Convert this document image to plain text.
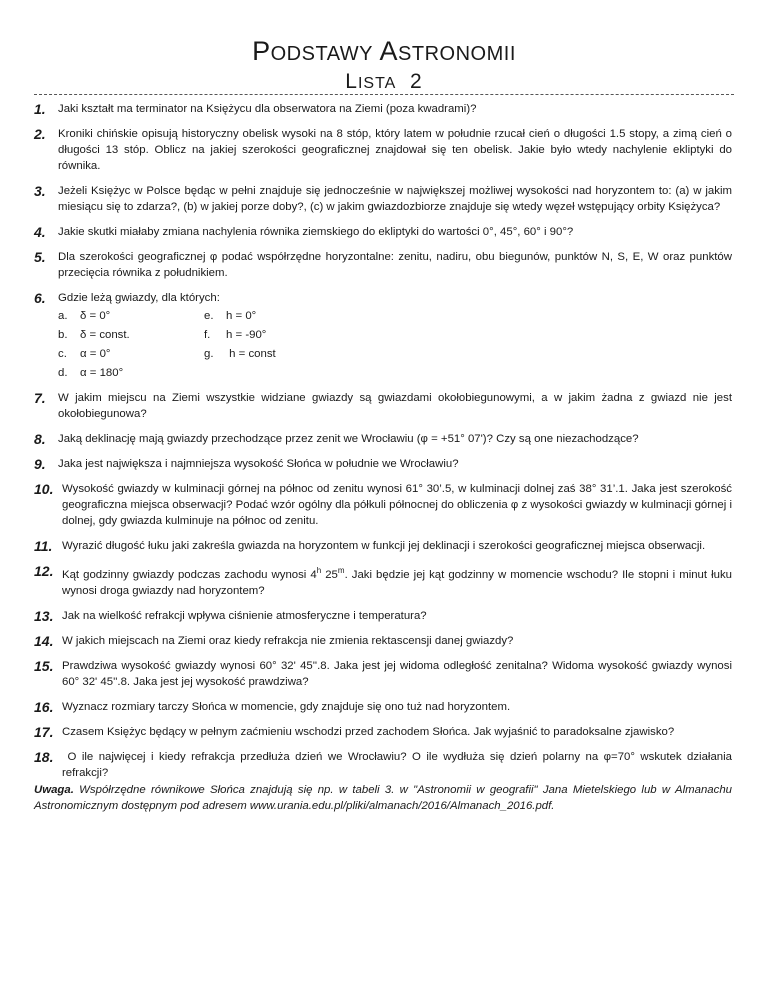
PODSTAWY ASTRONOMII
LISTA 2
1.	Jaki kształt ma terminator na Księżycu dla obserwatora na Ziemi (poza kwadrami)?
2.	Kroniki chińskie opisują historyczny obelisk wysoki na 8 stóp, który latem w południe rzucał cień o długości 1.5 stopy, a zimą cień o długości 13 stóp. Oblicz na jakiej szerokości geograficznej znajdował się ten obelisk. Jakie było wtedy nachylenie ekliptyki do równika.
3.	Jeżeli Księżyc w Polsce będąc w pełni znajduje się jednocześnie w największej możliwej wysokości nad horyzontem to: (a) w jakim miesiącu się to zdarza?, (b) w jakiej porze doby?, (c) w jakim gwiazdozbiorze znajduje się wtedy węzeł wstępujący orbity Księżyca?
4.	Jakie skutki miałaby zmiana nachylenia równika ziemskiego do ekliptyki do wartości 0°, 45°, 60° i 90°?
5.	Dla szerokości geograficznej φ podać współrzędne horyzontalne: zenitu, nadiru, obu biegunów, punktów N, S, E, W oraz punktów przecięcia równika z południkiem.
6.	Gdzie leżą gwiazdy, dla których:
a.	δ = 0°	e.	h = 0°
b.	δ = const.	f.	h = -90°
c.	α = 0°	g.	h = const
d.	α = 180°
7.	W jakim miejscu na Ziemi wszystkie widziane gwiazdy są gwiazdami okołobiegunowymi, a w jakim żadna z gwiazd nie jest okołobiegunowa?
8.	Jaką deklinację mają gwiazdy przechodzące przez zenit we Wrocławiu (φ = +51° 07')? Czy są one niezachodzące?
9.	Jaka jest największa i najmniejsza wysokość Słońca w południe we Wrocławiu?
10. Wysokość gwiazdy w kulminacji górnej na północ od zenitu wynosi 61° 30’.5, w kulminacji dolnej zaś 38° 31’.1. Jaka jest szerokość geograficzna miejsca obserwacji? Podać wzór ogólny dla półkuli północnej do obliczenia φ z wysokości gwiazdy w kulminacji górnej i dolnej, gdy gwiazda kulminuje na północ od zenitu.
11. Wyrazić długość łuku jaki zakreśla gwiazda na horyzontem w funkcji jej deklinacji i szerokości geograficznej miejsca obserwacji.
12. Kąt godzinny gwiazdy podczas zachodu wynosi 4$^h$ 25$^m$. Jaki będzie jej kąt godzinny w momencie wschodu? Ile stopni i minut łuku wynosi droga gwiazdy nad horyzontem?
13. Jak na wielkość refrakcji wpływa ciśnienie atmosferyczne i temperatura?
14. W jakich miejscach na Ziemi oraz kiedy refrakcja nie zmienia rektascensji danej gwiazdy?
15. Prawdziwa wysokość gwiazdy wynosi 60° 32' 45''.8. Jaka jest jej widoma odległość zenitalna? Widoma wysokość gwiazdy wynosi 60° 32' 45''.8. Jaka jest jej wysokość prawdziwa?
16. Wyznacz rozmiary tarczy Słońca w momencie, gdy znajduje się ono tuż nad horyzontem.
17. Czasem Księżyc będący w pełnym zaćmieniu wschodzi przed zachodem Słońca. Jak wyjaśnić to paradoksalne zjawisko?
18. O ile najwięcej i kiedy refrakcja przedłuża dzień we Wrocławiu? O ile wydłuża się dzień polarny na φ=70° wskutek działania refrakcji?
Uwaga. Współrzędne równikowe Słońca znajdują się np. w tabeli 3. w "Astronomii w geografii" Jana Mietelskiego lub w Almanachu Astronomicznym dostępnym pod adresem www.urania.edu.pl/pliki/almanach/2016/Almanach_2016.pdf.
